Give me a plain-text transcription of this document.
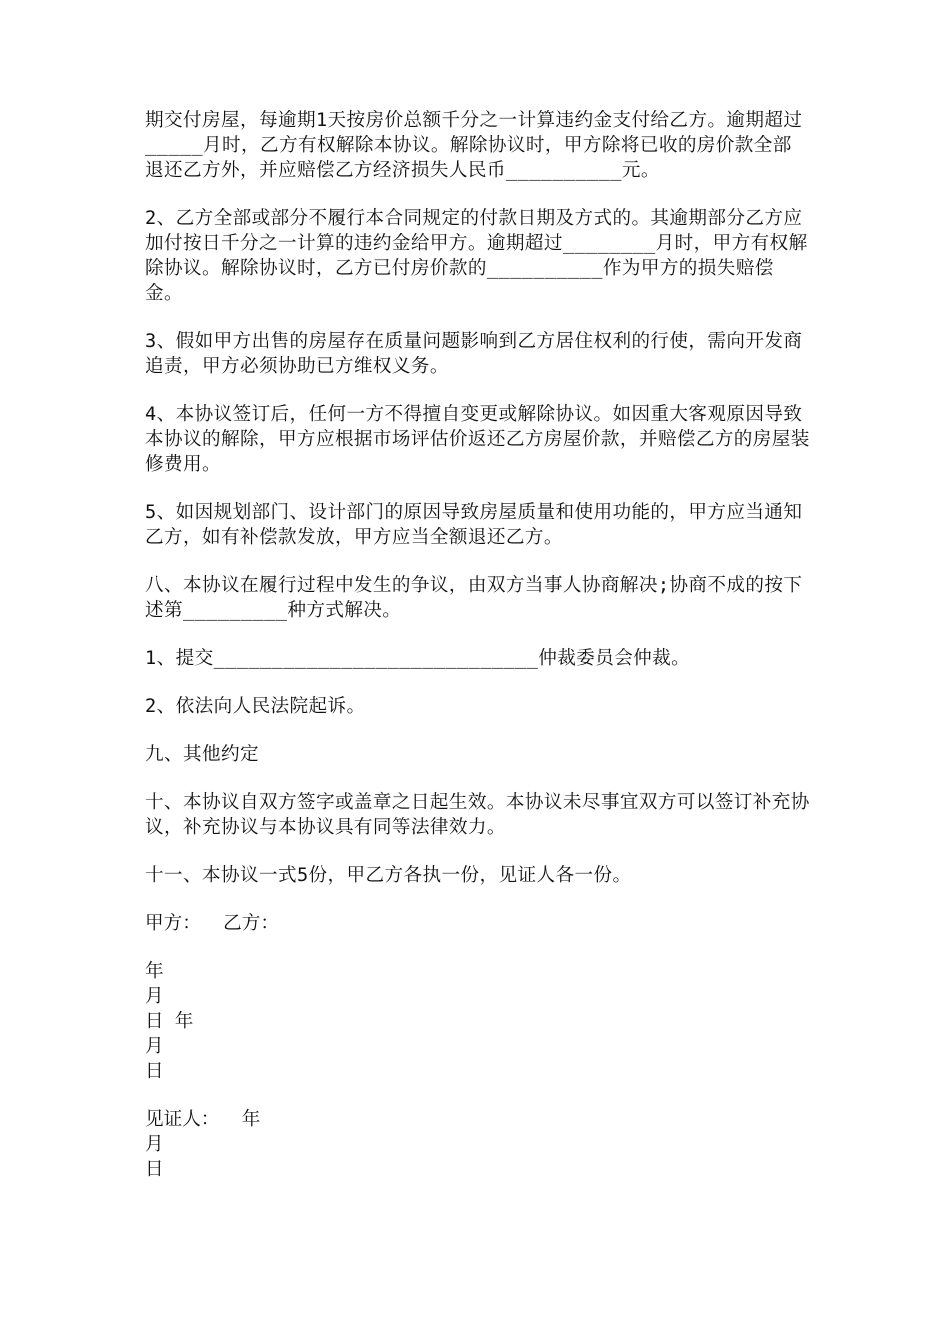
期交付房屋，每逾期1天按房价总额千分之一计算违约金支付给乙方。逾期超过_____月时，乙方有权解除本协议。解除协议时，甲方除将已收的房价款全部退还乙方外，并应赔偿乙方经济损失人民币__________元。

2、乙方全部或部分不履行本合同规定的付款日期及方式的。其逾期部分乙方应加付按日千分之一计算的违约金给甲方。逾期超过________月时，甲方有权解除协议。解除协议时，乙方已付房价款的__________作为甲方的损失赔偿金。

3、假如甲方出售的房屋存在质量问题影响到乙方居住权利的行使，需向开发商追责，甲方必须协助已方维权义务。

4、本协议签订后，任何一方不得擅自变更或解除协议。如因重大客观原因导致本协议的解除，甲方应根据市场评估价返还乙方房屋价款，并赔偿乙方的房屋装修费用。

5、如因规划部门、设计部门的原因导致房屋质量和使用功能的，甲方应当通知乙方，如有补偿款发放，甲方应当全额退还乙方。

八、本协议在履行过程中发生的争议，由双方当事人协商解决;协商不成的按下述第_________种方式解决。

1、提交____________________________仲裁委员会仲裁。

2、依法向人民法院起诉。

九、其他约定

十、本协议自双方签字或盖章之日起生效。本协议未尽事宜双方可以签订补充协议，补充协议与本协议具有同等法律效力。

十一、本协议一式5份，甲乙方各执一份，见证人各一份。

甲方：  乙方：

年
月
日 年
月
日

见证人：  年
月
日
